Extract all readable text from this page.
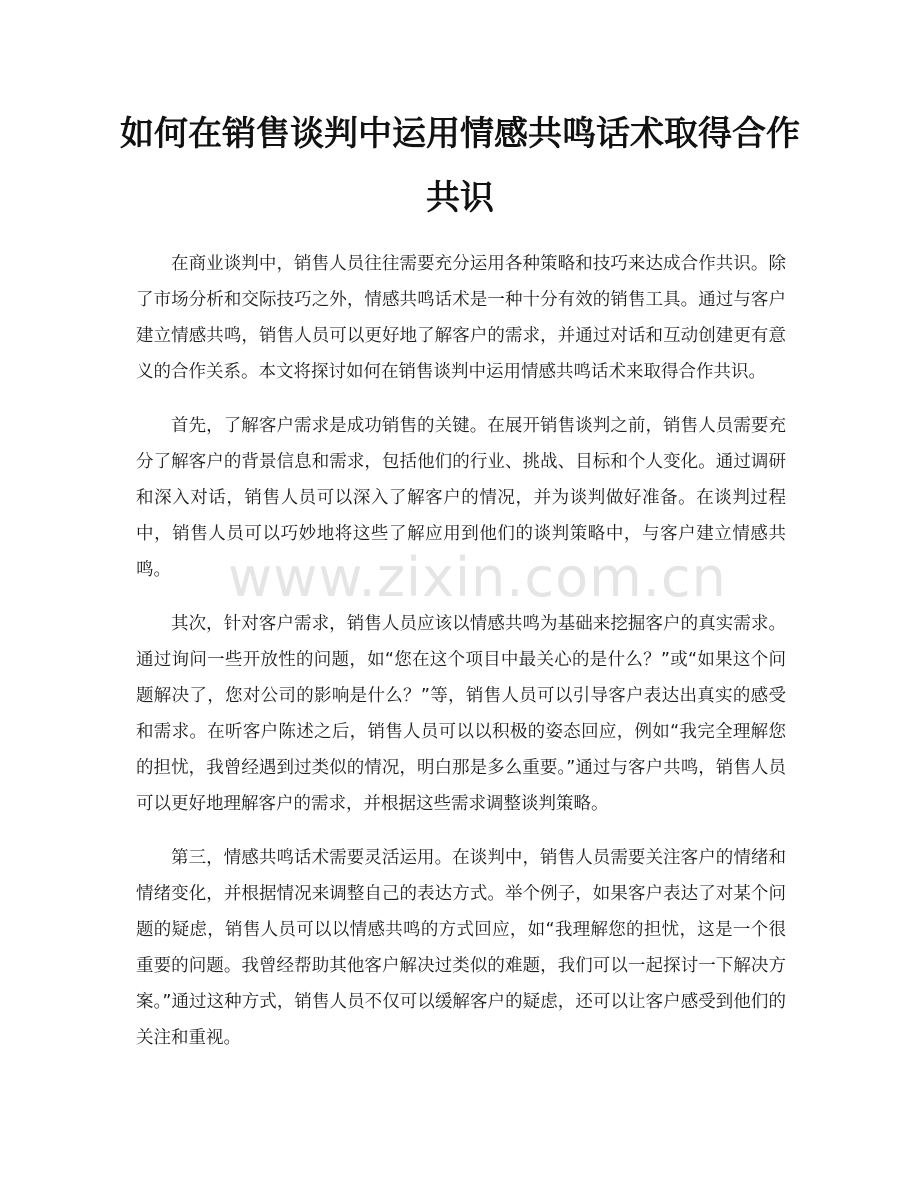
如何在销售谈判中运用情感共鸣话术取得合作共识

在商业谈判中，销售人员往往需要充分运用各种策略和技巧来达成合作共识。除了市场分析和交际技巧之外，情感共鸣话术是一种十分有效的销售工具。通过与客户建立情感共鸣，销售人员可以更好地了解客户的需求，并通过对话和互动创建更有意义的合作关系。本文将探讨如何在销售谈判中运用情感共鸣话术来取得合作共识。

首先，了解客户需求是成功销售的关键。在展开销售谈判之前，销售人员需要充分了解客户的背景信息和需求，包括他们的行业、挑战、目标和个人变化。通过调研和深入对话，销售人员可以深入了解客户的情况，并为谈判做好准备。在谈判过程中，销售人员可以巧妙地将这些了解应用到他们的谈判策略中，与客户建立情感共鸣。

其次，针对客户需求，销售人员应该以情感共鸣为基础来挖掘客户的真实需求。通过询问一些开放性的问题，如“您在这个项目中最关心的是什么？”或“如果这个问题解决了，您对公司的影响是什么？”等，销售人员可以引导客户表达出真实的感受和需求。在听客户陈述之后，销售人员可以以积极的姿态回应，例如“我完全理解您的担忧，我曾经遇到过类似的情况，明白那是多么重要。”通过与客户共鸣，销售人员可以更好地理解客户的需求，并根据这些需求调整谈判策略。

第三，情感共鸣话术需要灵活运用。在谈判中，销售人员需要关注客户的情绪和情绪变化，并根据情况来调整自己的表达方式。举个例子，如果客户表达了对某个问题的疑虑，销售人员可以以情感共鸣的方式回应，如“我理解您的担忧，这是一个很重要的问题。我曾经帮助其他客户解决过类似的难题，我们可以一起探讨一下解决方案。”通过这种方式，销售人员不仅可以缓解客户的疑虑，还可以让客户感受到他们的关注和重视。

www.zixin.com.cn
